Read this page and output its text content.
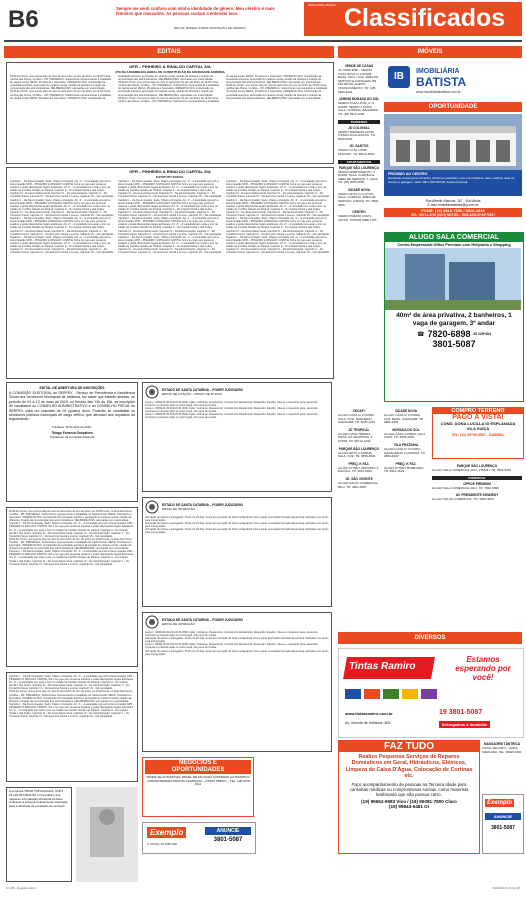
B6	Sempre me senti confusa com minha identidade de gênero. Meu cérebro é mais feminino que masculino. As pessoas custam a entender isso.
BRUCE JENNER SOBRE TRANSIÇÃO DE GÊNERO
SEXTA-FEIRA 1/5/2015 Classificados
EDITAIS
GPR – PINHEIRO & RINALDO CAPITAL S/A
ATA DA ASSEMBLEIA GERAL DE CONSTITUIÇÃO DA SOCIEDADE ANÔNIMA
DATA E LOCAL: Aos quinze dias do mês de dezembro do ano de 2014, às 10:00 horas, na Rua das Flores, Curitiba – PR. PRESENÇA: Subscritores representando a totalidade do capital social. MESA: Presidente e Secretário. ORDEM DO DIA: constituição da sociedade anônima, aprovação do estatuto social, eleição da diretoria e fixação da remuneração dos administradores. DELIBERAÇÕES: aprovadas por unanimidade.
DATA E LOCAL: Aos quinze dias do mês de dezembro do ano de 2014, às 10:00 horas, na Rua das Flores, Curitiba – PR. PRESENÇA: Subscritores representando a totalidade do capital social. MESA: Presidente e Secretário. ORDEM DO DIA: constituição da sociedade anônima, aprovação do estatuto social, eleição da diretoria e fixação da remuneração dos administradores. DELIBERAÇÕES: aprovadas por unanimidade.
DATA E LOCAL: Aos quinze dias do mês de dezembro do ano de 2014, às 10:00 horas, na Rua das Flores, Curitiba – PR. PRESENÇA: Subscritores representando a totalidade do capital social. MESA: Presidente e Secretário. ORDEM DO DIA: constituição da sociedade anônima, aprovação do estatuto social, eleição da diretoria e fixação da remuneração dos administradores. DELIBERAÇÕES: aprovadas por unanimidade.
DATA E LOCAL: Aos quinze dias do mês de dezembro do ano de 2014, às 10:00 horas, na Rua das Flores, Curitiba – PR. PRESENÇA: Subscritores representando a totalidade do capital social. MESA: Presidente e Secretário. ORDEM DO DIA: constituição da sociedade anônima, aprovação do estatuto social, eleição da diretoria e fixação da remuneração dos administradores. DELIBERAÇÕES: aprovadas por unanimidade.
DATA E LOCAL: Aos quinze dias do mês de dezembro do ano de 2014, às 10:00 horas, na Rua das Flores, Curitiba – PR. PRESENÇA: Subscritores representando a totalidade do capital social. MESA: Presidente e Secretário. ORDEM DO DIA: constituição da sociedade anônima, aprovação do estatuto social, eleição da diretoria e fixação da remuneração dos administradores. DELIBERAÇÕES: aprovadas por unanimidade.
GPR – PINHEIRO & RINALDO CAPITAL S/A
ESTATUTO SOCIAL
Capítulo I – Da Denominação, Sede, Objeto e Duração. Art. 1º – A sociedade gira sob a denominação GPR – PINHEIRO & RINALDO CAPITAL S/A e se rege pelo presente estatuto e pelas disposições legais aplicáveis. Art. 2º – A sociedade tem sede e foro na cidade de Curitiba, Estado do Paraná. Capítulo II – Do Capital Social e das Ações. Capítulo III – Da Assembleia Geral. Capítulo IV – Da Administração. Capítulo V – Do Conselho Fiscal. Capítulo VI – Do Exercício Social e Lucros. Capítulo VII – Da Liquidação.
Capítulo I – Da Denominação, Sede, Objeto e Duração. Art. 1º – A sociedade gira sob a denominação GPR – PINHEIRO & RINALDO CAPITAL S/A e se rege pelo presente estatuto e pelas disposições legais aplicáveis. Art. 2º – A sociedade tem sede e foro na cidade de Curitiba, Estado do Paraná. Capítulo II – Do Capital Social e das Ações. Capítulo III – Da Assembleia Geral. Capítulo IV – Da Administração. Capítulo V – Do Conselho Fiscal. Capítulo VI – Do Exercício Social e Lucros. Capítulo VII – Da Liquidação.
Capítulo I – Da Denominação, Sede, Objeto e Duração. Art. 1º – A sociedade gira sob a denominação GPR – PINHEIRO & RINALDO CAPITAL S/A e se rege pelo presente estatuto e pelas disposições legais aplicáveis. Art. 2º – A sociedade tem sede e foro na cidade de Curitiba, Estado do Paraná. Capítulo II – Do Capital Social e das Ações. Capítulo III – Da Assembleia Geral. Capítulo IV – Da Administração. Capítulo V – Do Conselho Fiscal. Capítulo VI – Do Exercício Social e Lucros. Capítulo VII – Da Liquidação.
Capítulo I – Da Denominação, Sede, Objeto e Duração. Art. 1º – A sociedade gira sob a denominação GPR – PINHEIRO & RINALDO CAPITAL S/A e se rege pelo presente estatuto e pelas disposições legais aplicáveis. Art. 2º – A sociedade tem sede e foro na cidade de Curitiba, Estado do Paraná. Capítulo II – Do Capital Social e das Ações. Capítulo III – Da Assembleia Geral. Capítulo IV – Da Administração. Capítulo V – Do Conselho Fiscal. Capítulo VI – Do Exercício Social e Lucros. Capítulo VII – Da Liquidação.
Capítulo I – Da Denominação, Sede, Objeto e Duração. Art. 1º – A sociedade gira sob a denominação GPR – PINHEIRO & RINALDO CAPITAL S/A e se rege pelo presente estatuto e pelas disposições legais aplicáveis. Art. 2º – A sociedade tem sede e foro na cidade de Curitiba, Estado do Paraná. Capítulo II – Do Capital Social e das Ações. Capítulo III – Da Assembleia Geral. Capítulo IV – Da Administração. Capítulo V – Do Conselho Fiscal. Capítulo VI – Do Exercício Social e Lucros. Capítulo VII – Da Liquidação.
Capítulo I – Da Denominação, Sede, Objeto e Duração. Art. 1º – A sociedade gira sob a denominação GPR – PINHEIRO & RINALDO CAPITAL S/A e se rege pelo presente estatuto e pelas disposições legais aplicáveis. Art. 2º – A sociedade tem sede e foro na cidade de Curitiba, Estado do Paraná. Capítulo II – Do Capital Social e das Ações. Capítulo III – Da Assembleia Geral. Capítulo IV – Da Administração. Capítulo V – Do Conselho Fiscal. Capítulo VI – Do Exercício Social e Lucros. Capítulo VII – Da Liquidação.
Capítulo I – Da Denominação, Sede, Objeto e Duração. Art. 1º – A sociedade gira sob a denominação GPR – PINHEIRO & RINALDO CAPITAL S/A e se rege pelo presente estatuto e pelas disposições legais aplicáveis. Art. 2º – A sociedade tem sede e foro na cidade de Curitiba, Estado do Paraná. Capítulo II – Do Capital Social e das Ações. Capítulo III – Da Assembleia Geral. Capítulo IV – Da Administração. Capítulo V – Do Conselho Fiscal. Capítulo VI – Do Exercício Social e Lucros. Capítulo VII – Da Liquidação.
Capítulo I – Da Denominação, Sede, Objeto e Duração. Art. 1º – A sociedade gira sob a denominação GPR – PINHEIRO & RINALDO CAPITAL S/A e se rege pelo presente estatuto e pelas disposições legais aplicáveis. Art. 2º – A sociedade tem sede e foro na cidade de Curitiba, Estado do Paraná. Capítulo II – Do Capital Social e das Ações. Capítulo III – Da Assembleia Geral. Capítulo IV – Da Administração. Capítulo V – Do Conselho Fiscal. Capítulo VI – Do Exercício Social e Lucros. Capítulo VII – Da Liquidação.
Capítulo I – Da Denominação, Sede, Objeto e Duração. Art. 1º – A sociedade gira sob a denominação GPR – PINHEIRO & RINALDO CAPITAL S/A e se rege pelo presente estatuto e pelas disposições legais aplicáveis. Art. 2º – A sociedade tem sede e foro na cidade de Curitiba, Estado do Paraná. Capítulo II – Do Capital Social e das Ações. Capítulo III – Da Assembleia Geral. Capítulo IV – Da Administração. Capítulo V – Do Conselho Fiscal. Capítulo VI – Do Exercício Social e Lucros. Capítulo VII – Da Liquidação.
Capítulo I – Da Denominação, Sede, Objeto e Duração. Art. 1º – A sociedade gira sob a denominação GPR – PINHEIRO & RINALDO CAPITAL S/A e se rege pelo presente estatuto e pelas disposições legais aplicáveis. Art. 2º – A sociedade tem sede e foro na cidade de Curitiba, Estado do Paraná. Capítulo II – Do Capital Social e das Ações. Capítulo III – Da Assembleia Geral. Capítulo IV – Da Administração. Capítulo V – Do Conselho Fiscal. Capítulo VI – Do Exercício Social e Lucros. Capítulo VII – Da Liquidação.
Capítulo I – Da Denominação, Sede, Objeto e Duração. Art. 1º – A sociedade gira sob a denominação GPR – PINHEIRO & RINALDO CAPITAL S/A e se rege pelo presente estatuto e pelas disposições legais aplicáveis. Art. 2º – A sociedade tem sede e foro na cidade de Curitiba, Estado do Paraná. Capítulo II – Do Capital Social e das Ações. Capítulo III – Da Assembleia Geral. Capítulo IV – Da Administração. Capítulo V – Do Conselho Fiscal. Capítulo VI – Do Exercício Social e Lucros. Capítulo VII – Da Liquidação.
Capítulo I – Da Denominação, Sede, Objeto e Duração. Art. 1º – A sociedade gira sob a denominação GPR – PINHEIRO & RINALDO CAPITAL S/A e se rege pelo presente estatuto e pelas disposições legais aplicáveis. Art. 2º – A sociedade tem sede e foro na cidade de Curitiba, Estado do Paraná. Capítulo II – Do Capital Social e das Ações. Capítulo III – Da Assembleia Geral. Capítulo IV – Da Administração. Capítulo V – Do Conselho Fiscal. Capítulo VI – Do Exercício Social e Lucros. Capítulo VII – Da Liquidação.
EDITAL DE ABERTURA DE INSCRIÇÕES
A COMISSÃO ELEITORAL do SERPEV - Serviço de Previdência e Assistência Social dos Servidores Municipais de Imbituba, faz saber que estarão abertas, no período de 04 a 13 de maio de 2015, no horário das 13h às 19h, as inscrições de candidatos ao CONSELHO ADMINISTRATIVO e ao CONSELHO FISCAL do SERPEV, para um mandato de 04 (quatro) anos. Poderão se candidatar os servidores públicos municipais de cargo efetivo, que atendam aos requisitos do regulamento.
Imbituba, 30 de abril de 2015.
Thiago Fonseca Gonçalves
Presidente da Comissão Eleitoral
DATA E LOCAL: Aos quinze dias do mês de dezembro do ano de 2014, às 10:00 horas, na Rua das Flores, Curitiba – PR. PRESENÇA: Subscritores representando a totalidade do capital social. MESA: Presidente e Secretário. ORDEM DO DIA: constituição da sociedade anônima, aprovação do estatuto social, eleição da diretoria e fixação da remuneração dos administradores. DELIBERAÇÕES: aprovadas por unanimidade.
Capítulo I – Da Denominação, Sede, Objeto e Duração. Art. 1º – A sociedade gira sob a denominação GPR – PINHEIRO & RINALDO CAPITAL S/A e se rege pelo presente estatuto e pelas disposições legais aplicáveis. Art. 2º – A sociedade tem sede e foro na cidade de Curitiba, Estado do Paraná. Capítulo II – Do Capital Social e das Ações. Capítulo III – Da Assembleia Geral. Capítulo IV – Da Administração. Capítulo V – Do Conselho Fiscal. Capítulo VI – Do Exercício Social e Lucros. Capítulo VII – Da Liquidação.
DATA E LOCAL: Aos quinze dias do mês de dezembro do ano de 2014, às 10:00 horas, na Rua das Flores, Curitiba – PR. PRESENÇA: Subscritores representando a totalidade do capital social. MESA: Presidente e Secretário. ORDEM DO DIA: constituição da sociedade anônima, aprovação do estatuto social, eleição da diretoria e fixação da remuneração dos administradores. DELIBERAÇÕES: aprovadas por unanimidade.
Capítulo I – Da Denominação, Sede, Objeto e Duração. Art. 1º – A sociedade gira sob a denominação GPR – PINHEIRO & RINALDO CAPITAL S/A e se rege pelo presente estatuto e pelas disposições legais aplicáveis. Art. 2º – A sociedade tem sede e foro na cidade de Curitiba, Estado do Paraná. Capítulo II – Do Capital Social e das Ações. Capítulo III – Da Assembleia Geral. Capítulo IV – Da Administração. Capítulo V – Do Conselho Fiscal. Capítulo VI – Do Exercício Social e Lucros. Capítulo VII – Da Liquidação.
Capítulo I – Da Denominação, Sede, Objeto e Duração. Art. 1º – A sociedade gira sob a denominação GPR – PINHEIRO & RINALDO CAPITAL S/A e se rege pelo presente estatuto e pelas disposições legais aplicáveis. Art. 2º – A sociedade tem sede e foro na cidade de Curitiba, Estado do Paraná. Capítulo II – Do Capital Social e das Ações. Capítulo III – Da Assembleia Geral. Capítulo IV – Da Administração. Capítulo V – Do Conselho Fiscal. Capítulo VI – Do Exercício Social e Lucros. Capítulo VII – Da Liquidação.
DATA E LOCAL: Aos quinze dias do mês de dezembro do ano de 2014, às 10:00 horas, na Rua das Flores, Curitiba – PR. PRESENÇA: Subscritores representando a totalidade do capital social. MESA: Presidente e Secretário. ORDEM DO DIA: constituição da sociedade anônima, aprovação do estatuto social, eleição da diretoria e fixação da remuneração dos administradores. DELIBERAÇÕES: aprovadas por unanimidade.
Capítulo I – Da Denominação, Sede, Objeto e Duração. Art. 1º – A sociedade gira sob a denominação GPR – PINHEIRO & RINALDO CAPITAL S/A e se rege pelo presente estatuto e pelas disposições legais aplicáveis. Art. 2º – A sociedade tem sede e foro na cidade de Curitiba, Estado do Paraná. Capítulo II – Do Capital Social e das Ações. Capítulo III – Da Assembleia Geral. Capítulo IV – Da Administração. Capítulo V – Do Conselho Fiscal. Capítulo VI – Do Exercício Social e Lucros. Capítulo VII – Da Liquidação.
A empresa TRICE TOPOGRAFIA, CNPJ 01.234.567/0001-89, torna público que requereu à Fundação Municipal do Meio Ambiente a Licença Ambiental de Operação para a atividade de prestação de serviços.
ESTADO DE SANTA CATARINA – PODER JUDICIÁRIO
EDITAL DE CITAÇÃO – PRAZO DE 20 DIAS
Autos n. 0300123-45.2014.8.24.0030. Ação: Cobrança. Requerente: Condomínio Residencial. Requerido: Espólio. Cita-se o requerido para, querendo, contestar a presente ação no prazo legal, sob pena de revelia.
Autos n. 0300123-45.2014.8.24.0030. Ação: Cobrança. Requerente: Condomínio Residencial. Requerido: Espólio. Cita-se o requerido para, querendo, contestar a presente ação no prazo legal, sob pena de revelia.
Autos n. 0300123-45.2014.8.24.0030. Ação: Cobrança. Requerente: Condomínio Residencial. Requerido: Espólio. Cita-se o requerido para, querendo, contestar a presente ação no prazo legal, sob pena de revelia.
ESTADO DE SANTA CATARINA – PODER JUDICIÁRIO
EDITAL DE INTIMAÇÃO
Intimação de partes e advogados. Prazo de 15 dias. Autos de execução de título extrajudicial. Fica a parte executada intimada da penhora realizada e do prazo para impugnação.
Intimação de partes e advogados. Prazo de 15 dias. Autos de execução de título extrajudicial. Fica a parte executada intimada da penhora realizada e do prazo para impugnação.
Intimação de partes e advogados. Prazo de 15 dias. Autos de execução de título extrajudicial. Fica a parte executada intimada da penhora realizada e do prazo para impugnação.
ESTADO DE SANTA CATARINA – PODER JUDICIÁRIO
EDITAL DE INTIMAÇÃO
Autos n. 0300123-45.2014.8.24.0030. Ação: Cobrança. Requerente: Condomínio Residencial. Requerido: Espólio. Cita-se o requerido para, querendo, contestar a presente ação no prazo legal, sob pena de revelia.
Intimação de partes e advogados. Prazo de 15 dias. Autos de execução de título extrajudicial. Fica a parte executada intimada da penhora realizada e do prazo para impugnação.
Autos n. 0300123-45.2014.8.24.0030. Ação: Cobrança. Requerente: Condomínio Residencial. Requerido: Espólio. Cita-se o requerido para, querendo, contestar a presente ação no prazo legal, sob pena de revelia.
Intimação de partes e advogados. Prazo de 15 dias. Autos de execução de título extrajudicial. Fica a parte executada intimada da penhora realizada e do prazo para impugnação.
NEGÓCIOS E
OPORTUNIDADES
VENDE-SE AUTOMÓVEL PAINEL DE FACHADA SUSPENSO AUTOMATICO – COM BATEDEIRA PRONTA COMPLETA – ÓTIMO PREÇO – TEL: (48) 9978-1511
Exemplo
O JORNAL DE IMBITUBA
ANUNCIE
3801-5087
IMÓVEIS
VENDE-SE CASAS
JD. MORUMBI – VENDO CASA NOVA C/ 2 DORM, BANH. SALA, COZ. ÁREA DE SERVIÇO E GARAGEM. R$ 160.000,00. ACEITO FINANCIAMENTO. TR. (48) 9900-1234
JARDIM MORADA DO SOL
VENDO CASA NOVA, C/ 3 DORM, SENDO 1 SUÍTE, SALA, COZINHA, BANHEIRO. TR. (48) 9914-1000
TERRENOS
JD COLONIAL
VENDO TERRENO 12X30, ÓTIMA LOCALIZAÇÃO. TR. 9932-5030
JD. SANTOS
VENDO LOTE 10X25 MURADO. TR. 99112-4000
APARTAMENTOS
PARQUE SÃO LOURENÇO
VENDO APARTAMENTO, 2 DORM, SALA, COZINHA E ÁREA DE SERVIÇO, 1 VAGA. TR. (48) 3035-1590
CIDADE NOVA
VENDO APTO C/ 3 QTOS, SALA, COZINHA, ÁREA DE SERVIÇO, 2 BANH. TR. 3809-4000
CENTRO
VENDO PRÉDIO COM 3 APTOS. TRATAR 9988-7766
IB	IMOBILIÁRIA
BATISTA
www.imobiliariabatista.com.br
OPORTUNIDADE
PRÓXIMO AO CENTRO
Excelente imóvel para comércio, clínica ou escritório, com 4 dormitórios, sala, cozinha, área de serviço e garagem. Valor: R$ 1.200.000,00. Aceita proposta.
Rua Alfredo Vilanova, 267 - Vila Vitória
E-mail: imobiliariabatista@ig.com.br
FONE: (19) 3816-7936 / 3816-4334
CEL: 99741-4730 (24 H) NEXTEL: 7806-9290 ID 54*75817
ALUGO SALA COMERCIAL
Centro Empresarial Office Premium com Heliponto e Shopping
40m² de área privativa, 2 banheiros, 1 vaga de garagem, 3º andar
☎ 7820-6898 ID 126*404
3801-5087
CECAP I
ALUGO CASA C/ 2 DORM, SALA, COZ., BANHEIRO, GARAGEM. TR. 3035-1234
JD TROPICAL
ALUGO CASA TÉRREA, PRÓX. AO SHOPPING, 2 DORM. TR. 99712-1234
PARQUE SÃO LOURENÇO
ALUGO APTO 2 DORMS, SALA, COZ. TR. 3809-4000
PREQ. K FAZ.
ALUGO KITNET, PRÓXIMO À ESCOLA. TR. 9913-5050
JD. SÃO VICENTE
ALUGO SALÃO COMERCIAL 80m². TR. 3801-5087
CIDADE NOVA
ALUGO CASA C/ 2 DORM, COZ, BANH, GARAGEM. TR. 9981-4455
MORADA DO SOL
ALUGO CASA 3 DORM, SALA, COPA. TR. 3835-4000
VILA PRATINHA
ALUGO CASA C/ 3 DORM, GARAGEM P/ 2 CARROS. TR. 3809-4000
PREQ. K FAZ.
ALUGO KITNET MOBILIADO. TR. 9913-1515
COMPRO TERRENO
PAGO À VISTA!
COND. DONA LUCILLA ID ESPLANADA VILA SUÍÇA
TEL: (11) 99705-5557 - GABRIEL
PARQUE SÃO LOURENÇO
ALUGO SALA COMERCIAL 40m², 2 BANH. TR. 3801-5087
COMERCIAL
OFFICE PREMIUM
ALUGO SALA COMERCIAL 40m². TR. 7820-6898
AV. PRESIDENTE KENNEDY
ALUGO SALÃO COMERCIAL. TR. 3835-4000
DIVERSOS
Tintas Ramiro
Estamos esperando por você!
www.tintasramiro.com.br	19 3801-5087
Av. Vicente de Imbituba, 805	Entregamos à domicílio
FAZ TUDO
Realizo Pequenos Serviços de Reparos Domésticos em Geral, Hidráulicos, Elétricos, Limpeza de Caixa D'Água, Colocação de Cortinas etc.
Faço acompanhamento de pessoas na Terceira Idade para consultas médicas ou compromissos sociais, como motorista lembrando que não possuo carro.
(19) 99652-9983 Vivo / (19) 99381-7800 Claro
(19) 99844-5481 Oi
MASSAGEM TÂNTRICA
LOCAL SEGURO – HORA MARCADA. TEL. 99923-9911
Exemplo
ANUNCIE
3801-5087
C1-B6 - Regular.indd 1	30/04/2015 19:34:18
